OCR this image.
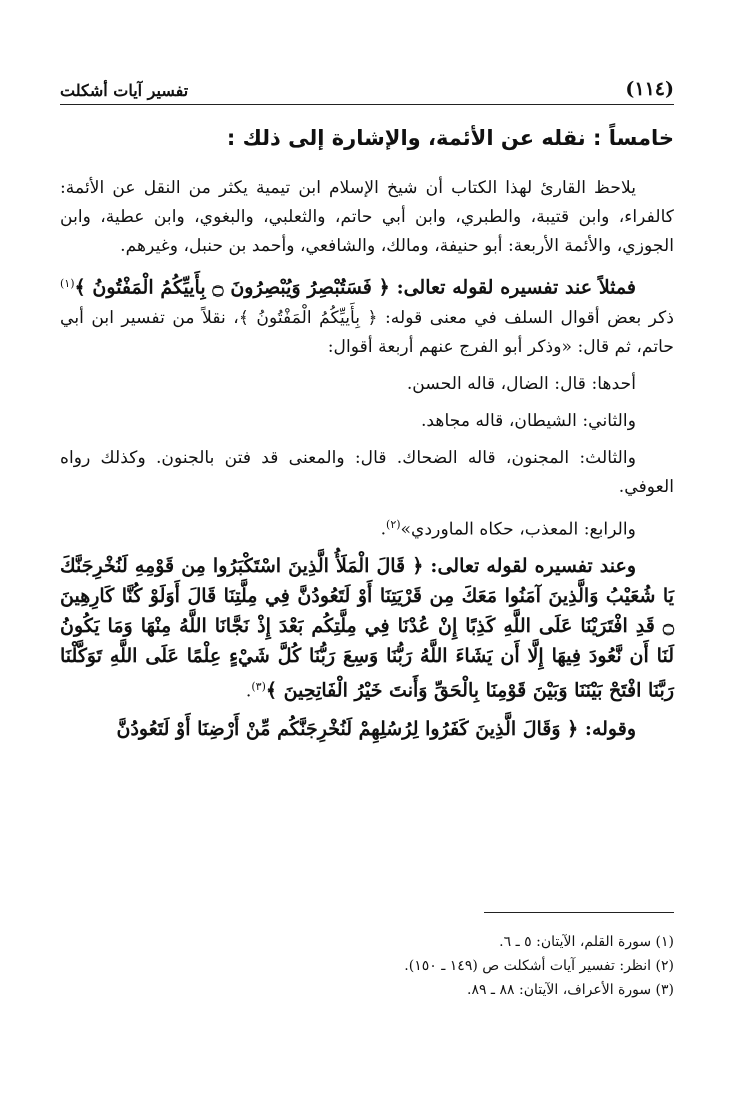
(١١٤)
تفسير آيات أشكلت
خامساً : نقله عن الأئمة، والإشارة إلى ذلك :

يلاحظ القارئ لهذا الكتاب أن شيخ الإسلام ابن تيمية يكثر من النقل عن الأئمة: كالفراء، وابن قتيبة، والطبري، وابن أبي حاتم، والثعلبي، والبغوي، وابن عطية، وابن الجوزي، والأئمة الأربعة: أبو حنيفة، ومالك، والشافعي، وأحمد بن حنبل، وغيرهم.

فمثلاً عند تفسيره لقوله تعالى: ﴿ فَسَتُبْصِرُ وَيُبْصِرُونَ ۝ بِأَييِّكُمُ الْمَفْتُونُ ﴾$^{(١)}$ ذكر بعض أقوال السلف في معنى قوله: ﴿ بِأَييِّكُمُ الْمَفْتُونُ ﴾، نقلاً من تفسير ابن أبي حاتم، ثم قال: «وذكر أبو الفرج عنهم أربعة أقوال:

أحدها: قال: الضال، قاله الحسن.

والثاني: الشيطان، قاله مجاهد.

والثالث: المجنون، قاله الضحاك. قال: والمعنى قد فتن بالجنون. وكذلك رواه العوفي.

والرابع: المعذب، حكاه الماوردي»$^{(٢)}$.

وعند تفسيره لقوله تعالى: ﴿ قَالَ الْمَلَأُ الَّذِينَ اسْتَكْبَرُوا مِن قَوْمِهِ لَنُخْرِجَنَّكَ يَا شُعَيْبُ وَالَّذِينَ آمَنُوا مَعَكَ مِن قَرْيَتِنَا أَوْ لَتَعُودُنَّ فِي مِلَّتِنَا قَالَ أَوَلَوْ كُنَّا كَارِهِينَ ۝ قَدِ افْتَرَيْنَا عَلَى اللَّهِ كَذِبًا إِنْ عُدْنَا فِي مِلَّتِكُم بَعْدَ إِذْ نَجَّانَا اللَّهُ مِنْهَا وَمَا يَكُونُ لَنَا أَن نَّعُودَ فِيهَا إِلَّا أَن يَشَاءَ اللَّهُ رَبُّنَا وَسِعَ رَبُّنَا كُلَّ شَيْءٍ عِلْمًا عَلَى اللَّهِ تَوَكَّلْنَا رَبَّنَا افْتَحْ بَيْنَنَا وَبَيْنَ قَوْمِنَا بِالْحَقِّ وَأَنتَ خَيْرُ الْفَاتِحِينَ ﴾$^{(٣)}$.

وقوله: ﴿ وَقَالَ الَّذِينَ كَفَرُوا لِرُسُلِهِمْ لَنُخْرِجَنَّكُم مِّنْ أَرْضِنَا أَوْ لَتَعُودُنَّ

(١) سورة القلم، الآيتان: ٥ ـ ٦.
(٢) انظر: تفسير آيات أشكلت ص (١٤٩ ـ ١٥٠).
(٣) سورة الأعراف، الآيتان: ٨٨ ـ ٨٩.
